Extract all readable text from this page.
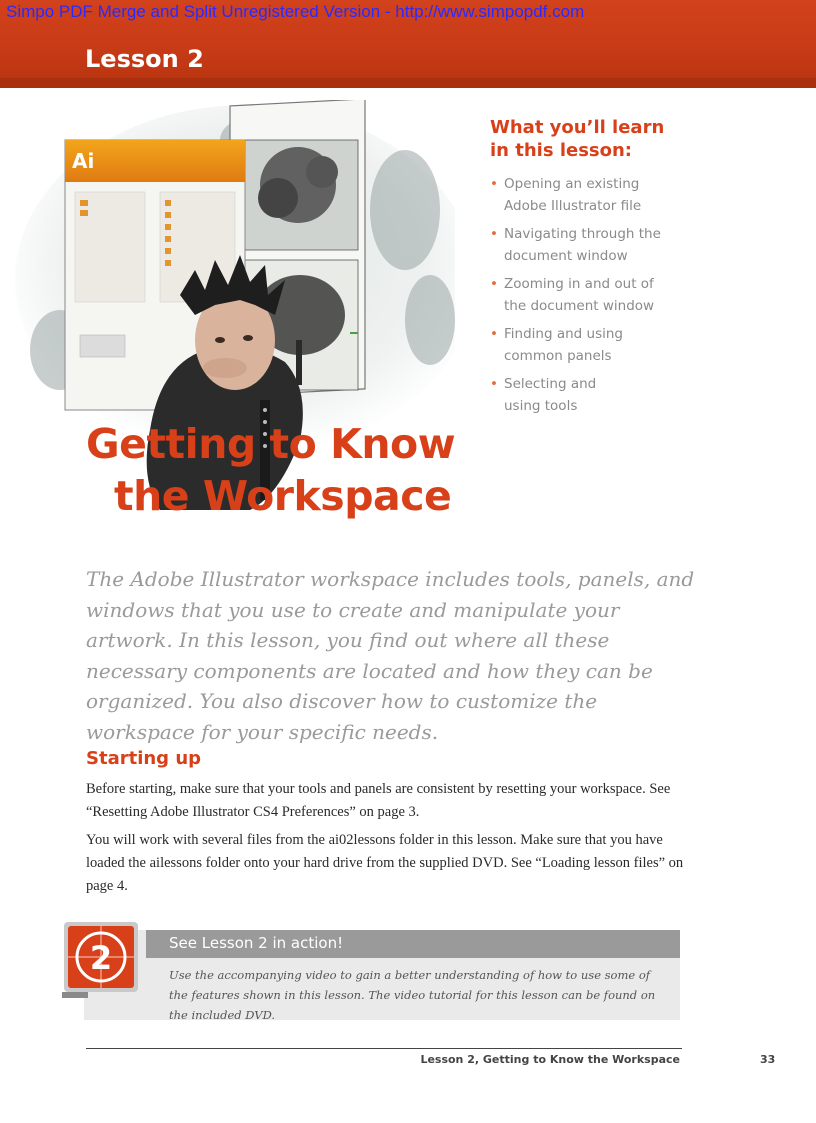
Simpo PDF Merge and Split Unregistered Version - http://www.simpopdf.com
Lesson 2
Ai
Getting to Know
the Workspace
What you’ll learn
in this lesson:
• Opening an existing
Adobe Illustrator file
• Navigating through the
document window
• Zooming in and out of
the document window
• Finding and using
common panels
• Selecting and
using tools

The Adobe Illustrator workspace includes tools, panels, and windows that you use to create and manipulate your artwork. In this lesson, you find out where all these necessary components are located and how they can be organized. You also discover how to customize the workspace for your specific needs.

Starting up

Before starting, make sure that your tools and panels are consistent by resetting your workspace. See “Resetting Adobe Illustrator CS4 Preferences” on page 3.

You will work with several files from the ai02lessons folder in this lesson. Make sure that you have loaded the ailessons folder onto your hard drive from the supplied DVD. See “Loading lesson files” on page 4.

See Lesson 2 in action!
Use the accompanying video to gain a better understanding of how to use some of the features shown in this lesson. The video tutorial for this lesson can be found on the included DVD.
2
Lesson 2, Getting to Know the Workspace	33
